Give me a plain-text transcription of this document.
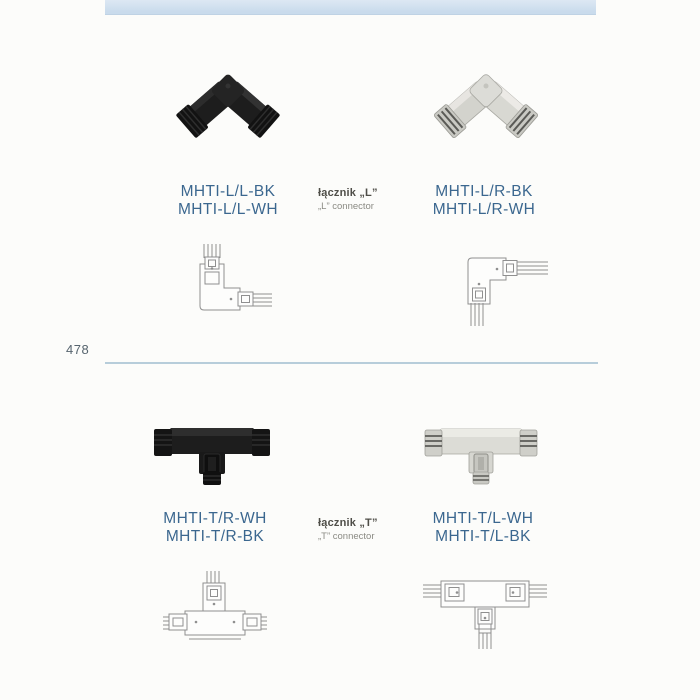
MHTI-L/L-BK
MHTI-L/L-WH
łącznik „L”
„L” connector
MHTI-L/R-BK
MHTI-L/R-WH
478
MHTI-T/R-WH
MHTI-T/R-BK
łącznik „T”
„T” connector
MHTI-T/L-WH
MHTI-T/L-BK
